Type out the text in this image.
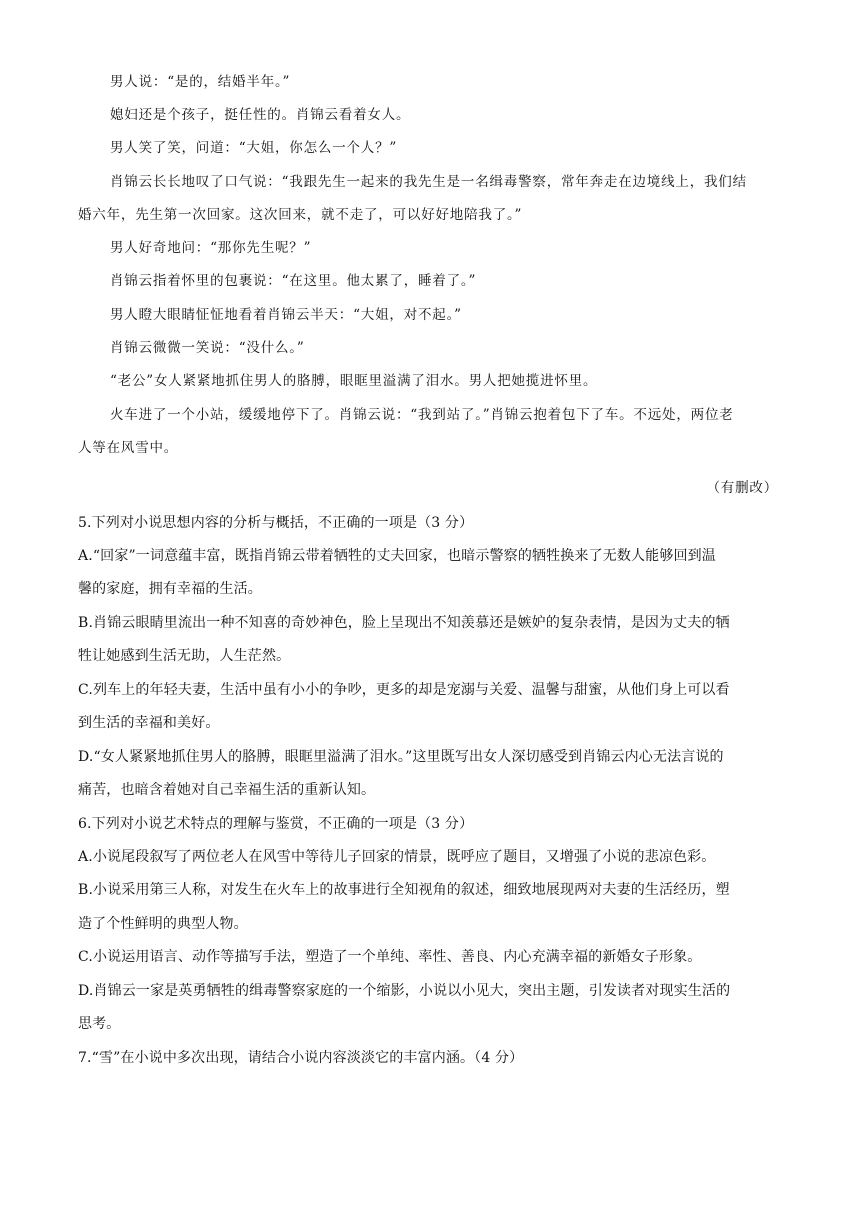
男人说：“是的，结婚半年。”
媳妇还是个孩子，挺任性的。肖锦云看着女人。
男人笑了笑，问道：“大姐，你怎么一个人？”
肖锦云长长地叹了口气说：“我跟先生一起来的我先生是一名缉毒警察，常年奔走在边境线上，我们结
婚六年，先生第一次回家。这次回来，就不走了，可以好好地陪我了。”
男人好奇地问：“那你先生呢？”
肖锦云指着怀里的包裹说：“在这里。他太累了，睡着了。”
男人瞪大眼睛怔怔地看着肖锦云半天：“大姐，对不起。”
肖锦云微微一笑说：“没什么。”
“老公”女人紧紧地抓住男人的胳膊，眼眶里溢满了泪水。男人把她揽进怀里。
火车进了一个小站，缓缓地停下了。肖锦云说：“我到站了。”肖锦云抱着包下了车。不远处，两位老
人等在风雪中。
（有删改）
5.下列对小说思想内容的分析与概括，不正确的一项是（3 分）
A.“回家”一词意蕴丰富，既指肖锦云带着牺牲的丈夫回家，也暗示警察的牺牲换来了无数人能够回到温
馨的家庭，拥有幸福的生活。
B.肖锦云眼睛里流出一种不知喜的奇妙神色，脸上呈现出不知羡慕还是嫉妒的复杂表情，是因为丈夫的牺
牲让她感到生活无助，人生茫然。
C.列车上的年轻夫妻，生活中虽有小小的争吵，更多的却是宠溺与关爱、温馨与甜蜜，从他们身上可以看
到生活的幸福和美好。
D.“女人紧紧地抓住男人的胳膊，眼眶里溢满了泪水。”这里既写出女人深切感受到肖锦云内心无法言说的
痛苦，也暗含着她对自己幸福生活的重新认知。
6.下列对小说艺术特点的理解与鉴赏，不正确的一项是（3 分）
A.小说尾段叙写了两位老人在风雪中等待儿子回家的情景，既呼应了题目，又增强了小说的悲凉色彩。
B.小说采用第三人称，对发生在火车上的故事进行全知视角的叙述，细致地展现两对夫妻的生活经历，塑
造了个性鲜明的典型人物。
C.小说运用语言、动作等描写手法，塑造了一个单纯、率性、善良、内心充满幸福的新婚女子形象。
D.肖锦云一家是英勇牺牲的缉毒警察家庭的一个缩影，小说以小见大，突出主题，引发读者对现实生活的
思考。
7.“雪”在小说中多次出现，请结合小说内容淡淡它的丰富内涵。（4 分）
